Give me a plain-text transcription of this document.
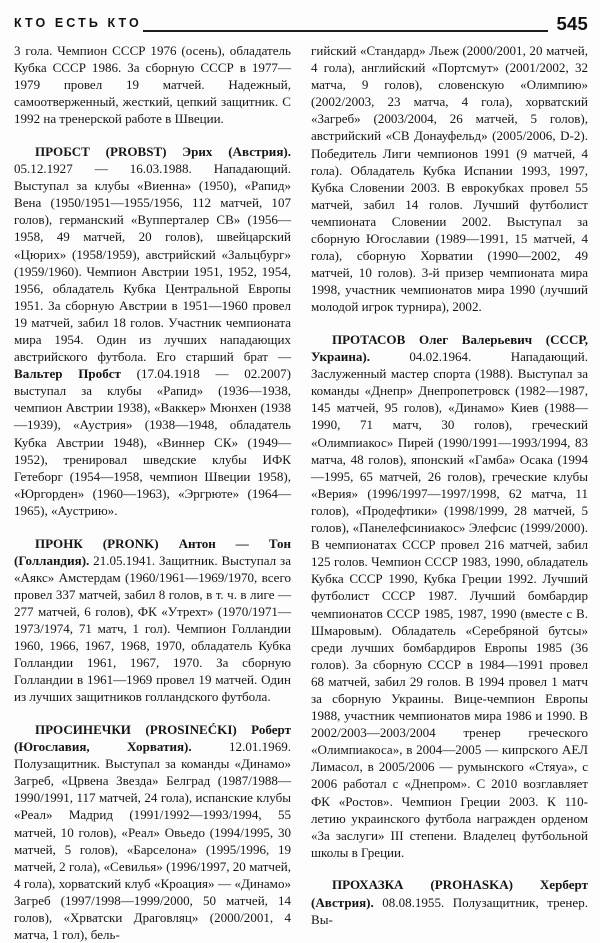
КТО ЕСТЬ КТО	545

3 гола. Чемпион СССР 1976 (осень), обладатель Кубка СССР 1986. За сборную СССР в 1977—1979 провел 19 матчей. Надежный, самоотверженный, жесткий, цепкий защитник. С 1992 на тренерской работе в Швеции.

ПРОБСТ (PROBST) Эрих (Австрия). 05.12.1927 — 16.03.1988. Нападающий. Выступал за клубы «Виенна» (1950), «Рапид» Вена (1950/1951—1955/1956, 112 матчей, 107 голов), германский «Вупперталер СВ» (1956—1958, 49 матчей, 20 голов), швейцарский «Цюрих» (1958/1959), австрийский «Зальцбург» (1959/1960). Чемпион Австрии 1951, 1952, 1954, 1956, обладатель Кубка Центральной Европы 1951. За сборную Австрии в 1951—1960 провел 19 матчей, забил 18 голов. Участник чемпионата мира 1954. Один из лучших нападающих австрийского футбола. Его старший брат — Вальтер Пробст (17.04.1918 — 02.2007) выступал за клубы «Рапид» (1936—1938, чемпион Австрии 1938), «Ваккер» Мюнхен (1938—1939), «Аустрия» (1938—1948, обладатель Кубка Австрии 1948), «Виннер СК» (1949—1952), тренировал шведские клубы ИФК Гетеборг (1954—1958, чемпион Швеции 1958), «Юргорден» (1960—1963), «Эргрюте» (1964—1965), «Аустрию».

ПРОНК (PRONK) Антон — Тон (Голландия). 21.05.1941. Защитник. Выступал за «Аякс» Амстердам (1960/1961—1969/1970, всего провел 337 матчей, забил 8 голов, в т. ч. в лиге — 277 матчей, 6 голов), ФК «Утрехт» (1970/1971—1973/1974, 71 матч, 1 гол). Чемпион Голландии 1960, 1966, 1967, 1968, 1970, обладатель Кубка Голландии 1961, 1967, 1970. За сборную Голландии в 1961—1969 провел 19 матчей. Один из лучших защитников голландского футбола.

ПРОСИНЕЧКИ (PROSINEĆKI) Роберт (Югославия, Хорватия). 12.01.1969. Полузащитник. Выступал за команды «Динамо» Загреб, «Црвена Звезда» Белград (1987/1988—1990/1991, 117 матчей, 24 гола), испанские клубы «Реал» Мадрид (1991/1992—1993/1994, 55 матчей, 10 голов), «Реал» Овьедо (1994/1995, 30 матчей, 5 голов), «Барселона» (1995/1996, 19 матчей, 2 гола), «Севилья» (1996/1997, 20 матчей, 4 гола), хорватский клуб «Кроация» — «Динамо» Загреб (1997/1998—1999/2000, 50 матчей, 14 голов), «Хрватски Драговляц» (2000/2001, 4 матча, 1 гол), бель-

гийский «Стандард» Льеж (2000/2001, 20 матчей, 4 гола), английский «Портсмут» (2001/2002, 32 матча, 9 голов), словенскую «Олимпию» (2002/2003, 23 матча, 4 гола), хорватский «Загреб» (2003/2004, 26 матчей, 5 голов), австрийский «СВ Донауфельд» (2005/2006, D-2). Победитель Лиги чемпионов 1991 (9 матчей, 4 гола). Обладатель Кубка Испании 1993, 1997, Кубка Словении 2003. В еврокубках провел 55 матчей, забил 14 голов. Лучший футболист чемпионата Словении 2002. Выступал за сборную Югославии (1989—1991, 15 матчей, 4 гола), сборную Хорватии (1990—2002, 49 матчей, 10 голов). 3-й призер чемпионата мира 1998, участник чемпионатов мира 1990 (лучший молодой игрок турнира), 2002.

ПРОТАСОВ Олег Валерьевич (СССР, Украина). 04.02.1964. Нападающий. Заслуженный мастер спорта (1988). Выступал за команды «Днепр» Днепропетровск (1982—1987, 145 матчей, 95 голов), «Динамо» Киев (1988—1990, 71 матч, 30 голов), греческий «Олимпиакос» Пирей (1990/1991—1993/1994, 83 матча, 48 голов), японский «Гамба» Осака (1994—1995, 65 матчей, 26 голов), греческие клубы «Верия» (1996/1997—1997/1998, 62 матча, 11 голов), «Продефтики» (1998/1999, 28 матчей, 5 голов), «Панелефсиниакос» Элефсис (1999/2000). В чемпионатах СССР провел 216 матчей, забил 125 голов. Чемпион СССР 1983, 1990, обладатель Кубка СССР 1990, Кубка Греции 1992. Лучший футболист СССР 1987. Лучший бомбардир чемпионатов СССР 1985, 1987, 1990 (вместе с В. Шмаровым). Обладатель «Серебряной бутсы» среди лучших бомбардиров Европы 1985 (36 голов). За сборную СССР в 1984—1991 провел 68 матчей, забил 29 голов. В 1994 провел 1 матч за сборную Украины. Вице-чемпион Европы 1988, участник чемпионатов мира 1986 и 1990. В 2002/2003—2003/2004 тренер греческого «Олимпиакоса», в 2004—2005 — кипрского АЕЛ Лимасол, в 2005/2006 — румынского «Стяуа», с 2006 работал с «Днепром». С 2010 возглавляет ФК «Ростов». Чемпион Греции 2003. К 110-летию украинского футбола награжден орденом «За заслуги» III степени. Владелец футбольной школы в Греции.

ПРОХАЗКА (PROHASKA) Херберт (Австрия). 08.08.1955. Полузащитник, тренер. Вы-
